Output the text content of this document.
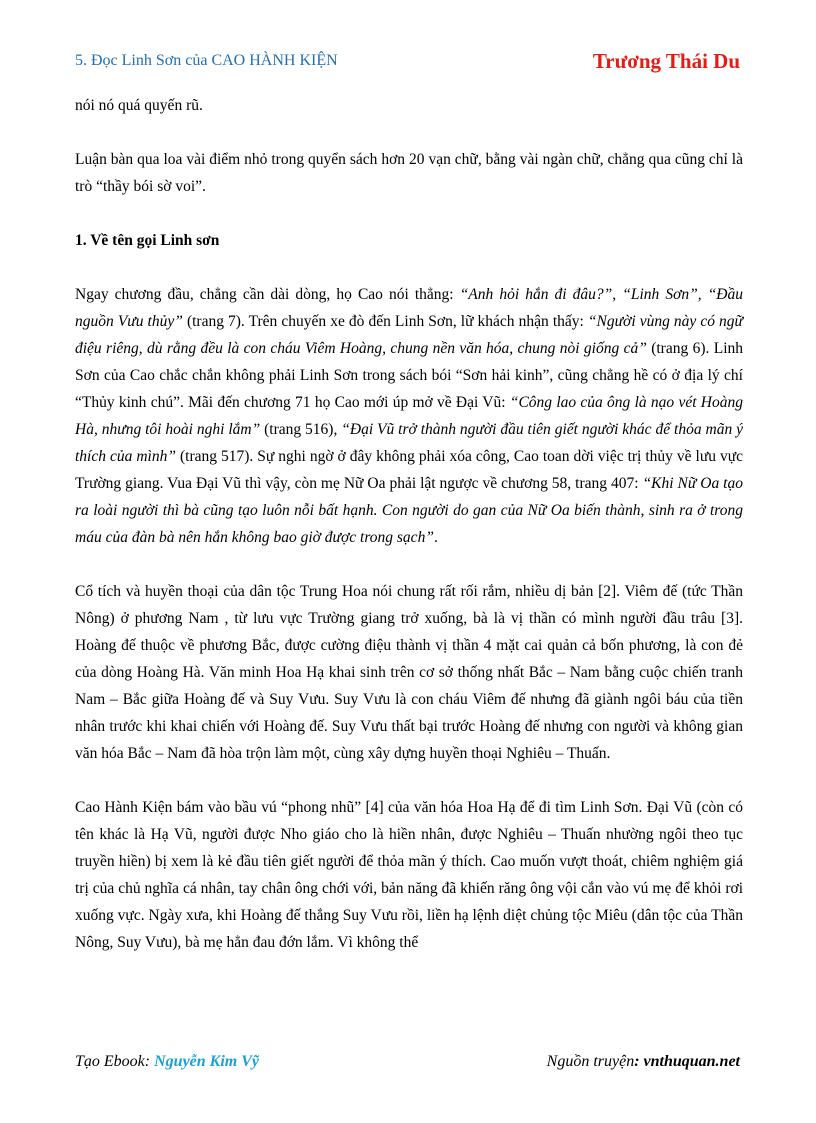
5. Đọc Linh Sơn của CAO HÀNH KIỆN	Trương Thái Du

nói nó quá quyến rũ.

Luận bàn qua loa vài điểm nhỏ trong quyển sách hơn 20 vạn chữ, bằng vài ngàn chữ, chẳng qua cũng chỉ là trò “thầy bói sờ voi”.

1. Về tên gọi Linh sơn

Ngay chương đầu, chẳng cần dài dòng, họ Cao nói thẳng: “Anh hỏi hắn đi đâu?”, “Linh Sơn”, “Đầu nguồn Vưu thủy” (trang 7). Trên chuyến xe đò đến Linh Sơn, lữ khách nhận thấy: “Người vùng này có ngữ điệu riêng, dù rằng đều là con cháu Viêm Hoàng, chung nền văn hóa, chung nòi giống cả” (trang 6). Linh Sơn của Cao chắc chắn không phải Linh Sơn trong sách bói “Sơn hải kinh”, cũng chẳng hề có ở địa lý chí “Thủy kinh chú”. Mãi đến chương 71 họ Cao mới úp mở về Đại Vũ: “Công lao của ông là nạo vét Hoàng Hà, nhưng tôi hoài nghi lắm” (trang 516), “Đại Vũ trở thành người đầu tiên giết người khác để thỏa mãn ý thích của mình” (trang 517). Sự nghi ngờ ở đây không phải xóa công, Cao toan dời việc trị thủy về lưu vực Trường giang. Vua Đại Vũ thì vậy, còn mẹ Nữ Oa phải lật ngược về chương 58, trang 407: “Khi Nữ Oa tạo ra loài người thì bà cũng tạo luôn nỗi bất hạnh. Con người do gan của Nữ Oa biến thành, sinh ra ở trong máu của đàn bà nên hắn không bao giờ được trong sạch”.

Cổ tích và huyền thoại của dân tộc Trung Hoa nói chung rất rối rắm, nhiều dị bản [2]. Viêm đế (tức Thần Nông) ở phương Nam , từ lưu vực Trường giang trở xuống, bà là vị thần có mình người đầu trâu [3]. Hoàng đế thuộc về phương Bắc, được cường điệu thành vị thần 4 mặt cai quản cả bốn phương, là con đẻ của dòng Hoàng Hà. Văn minh Hoa Hạ khai sinh trên cơ sở thống nhất Bắc – Nam bằng cuộc chiến tranh Nam – Bắc giữa Hoàng đế và Suy Vưu. Suy Vưu là con cháu Viêm đế nhưng đã giành ngôi báu của tiền nhân trước khi khai chiến với Hoàng đế. Suy Vưu thất bại trước Hoàng đế nhưng con người và không gian văn hóa Bắc – Nam đã hòa trộn làm một, cùng xây dựng huyền thoại Nghiêu – Thuấn.

Cao Hành Kiện bám vào bầu vú “phong nhũ” [4] của văn hóa Hoa Hạ để đi tìm Linh Sơn. Đại Vũ (còn có tên khác là Hạ Vũ, người được Nho giáo cho là hiền nhân, được Nghiêu – Thuấn nhường ngôi theo tục truyền hiền) bị xem là kẻ đầu tiên giết người để thỏa mãn ý thích. Cao muốn vượt thoát, chiêm nghiệm giá trị của chủ nghĩa cá nhân, tay chân ông chới với, bản năng đã khiến răng ông vội cắn vào vú mẹ để khỏi rơi xuống vực. Ngày xưa, khi Hoàng đế thắng Suy Vưu rồi, liền hạ lệnh diệt chủng tộc Miêu (dân tộc của Thần Nông, Suy Vưu), bà mẹ hẳn đau đớn lắm. Vì không thể

Tạo Ebook: Nguyễn Kim Vỹ	Nguồn truyện: vnthuquan.net
